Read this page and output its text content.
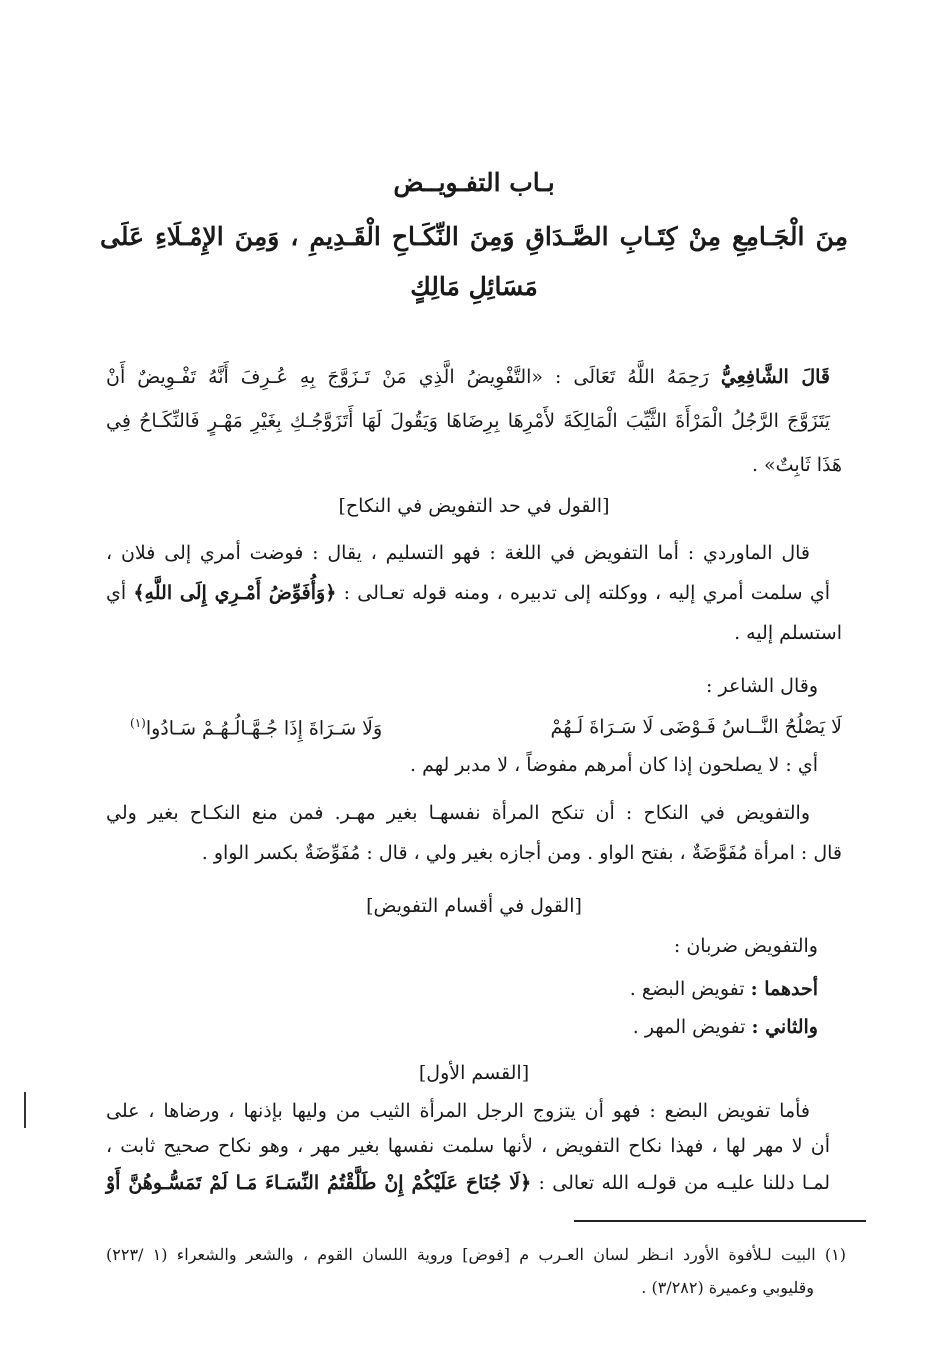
بـاب التفـويــض
مِنَ الْجَـامِعِ مِنْ كِتَـابِ الصَّـدَاقِ وَمِنَ النِّكَـاحِ الْقَـدِيمِ ، وَمِنَ الإِمْـلَاءِ عَلَى
مَسَائِلِ مَالِكٍ
قَالَ الشَّافِعِيُّ رَحِمَهُ اللَّهُ تَعَالَى : «التَّفْوِيضُ الَّذِي مَنْ تَـزَوَّجَ بِهِ عُـرِفَ أَنَّهُ تَفْـوِيضٌ أَنْ
يَتَزَوَّجَ الرَّجُلُ الْمَرْأَةَ الثَّيِّبَ الْمَالِكَةَ لأَمْرِهَا بِرِضَاهَا وَيَقُولَ لَهَا أَتَزَوَّجُـكِ بِغَيْرِ مَهْـرٍ فَالنِّكَـاحُ فِي
هَذَا ثَابِتٌ» .
[القول في حد التفويض في النكاح]
قال الماوردي : أما التفويض في اللغة : فهو التسليم ، يقال : فوضت أمري إلى فلان ،
أي سلمت أمري إليه ، ووكلته إلى تدبيره ، ومنه قوله تعـالى : ﴿وَأُفَوِّضُ أَمْـرِي إِلَى اللَّهِ﴾ أي
استسلم إليه .
وقال الشاعر :
لَا يَصْلُحُ النَّــاسُ فَـوْضَى لَا سَـرَاةَ لَـهُمْ
وَلَا سَـرَاةَ إِذَا جُـهَّـالُـهُـمْ سَـادُوا$^{(١)}$
أي : لا يصلحون إذا كان أمرهم مفوضاً ، لا مدبر لهم .
والتفويض في النكاح : أن تنكح المرأة نفسهـا بغير مهـر. فمن منع النكـاح بغير ولي
قال : امرأة مُفَوَّضَةٌ ، بفتح الواو . ومن أجازه بغير ولي ، قال : مُفَوِّضَةٌ بكسر الواو .
[القول في أقسام التفويض]
والتفويض ضربان :
أحدهما : تفويض البضع .
والثاني : تفويض المهر .
[القسم الأول]
فأما تفويض البضع : فهو أن يتزوج الرجل المرأة الثيب من وليها بإذنها ، ورضاها ، على
أن لا مهر لها ، فهذا نكاح التفويض ، لأنها سلمت نفسها بغير مهر ، وهو نكاح صحيح ثابت ،
لمـا دللنا عليـه من قولـه الله تعالى : ﴿لَا جُنَاحَ عَلَيْكُمْ إِنْ طَلَّقْتُمُ النِّسَـاءَ مَـا لَمْ تَمَسُّـوهُنَّ أَوْ
(١) البيت لـلأفوة الأورد انـظر لسان العـرب م [فوض] وروية اللسان القوم ، والشعر والشعراء (١ /٢٢٣)
وقليوبي وعميرة (٣/٢٨٢) .
